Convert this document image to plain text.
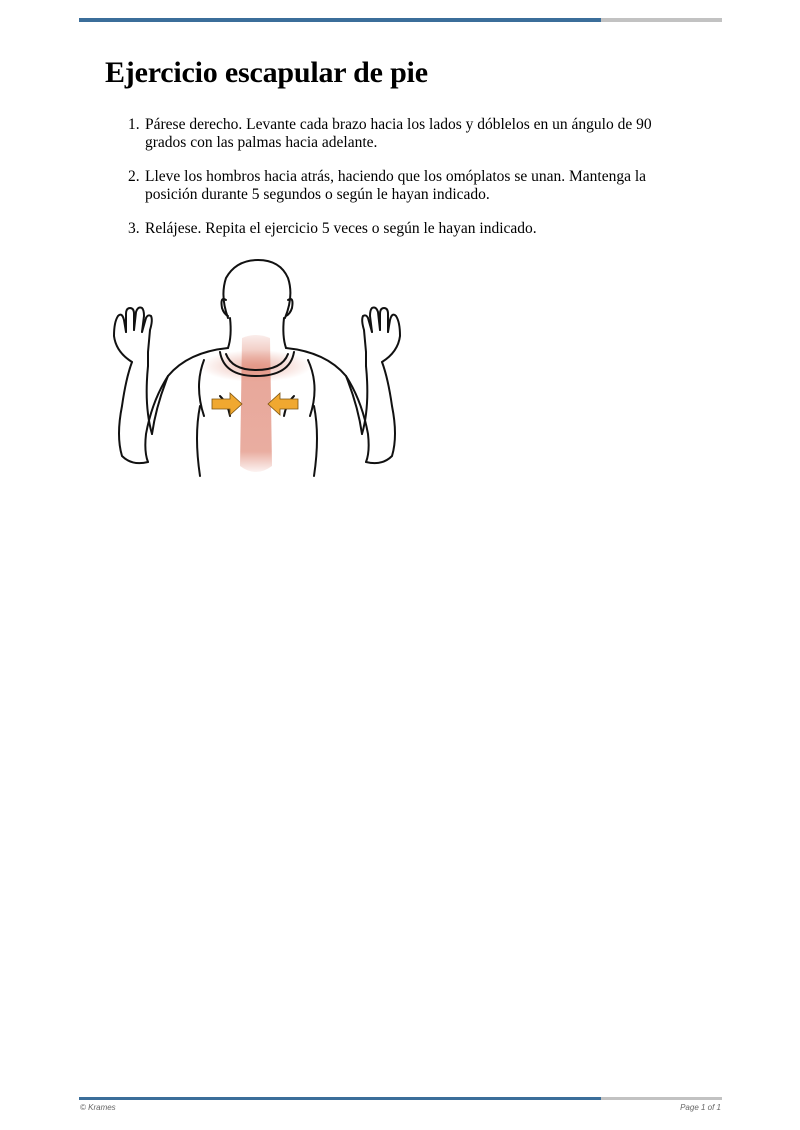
Ejercicio escapular de pie
1. Párese derecho. Levante cada brazo hacia los lados y dóblelos en un ángulo de 90 grados con las palmas hacia adelante.
2. Lleve los hombros hacia atrás, haciendo que los omóplatos se unan. Mantenga la posición durante 5 segundos o según le hayan indicado.
3. Relájese. Repita el ejercicio 5 veces o según le hayan indicado.
© Krames	Page 1 of 1
